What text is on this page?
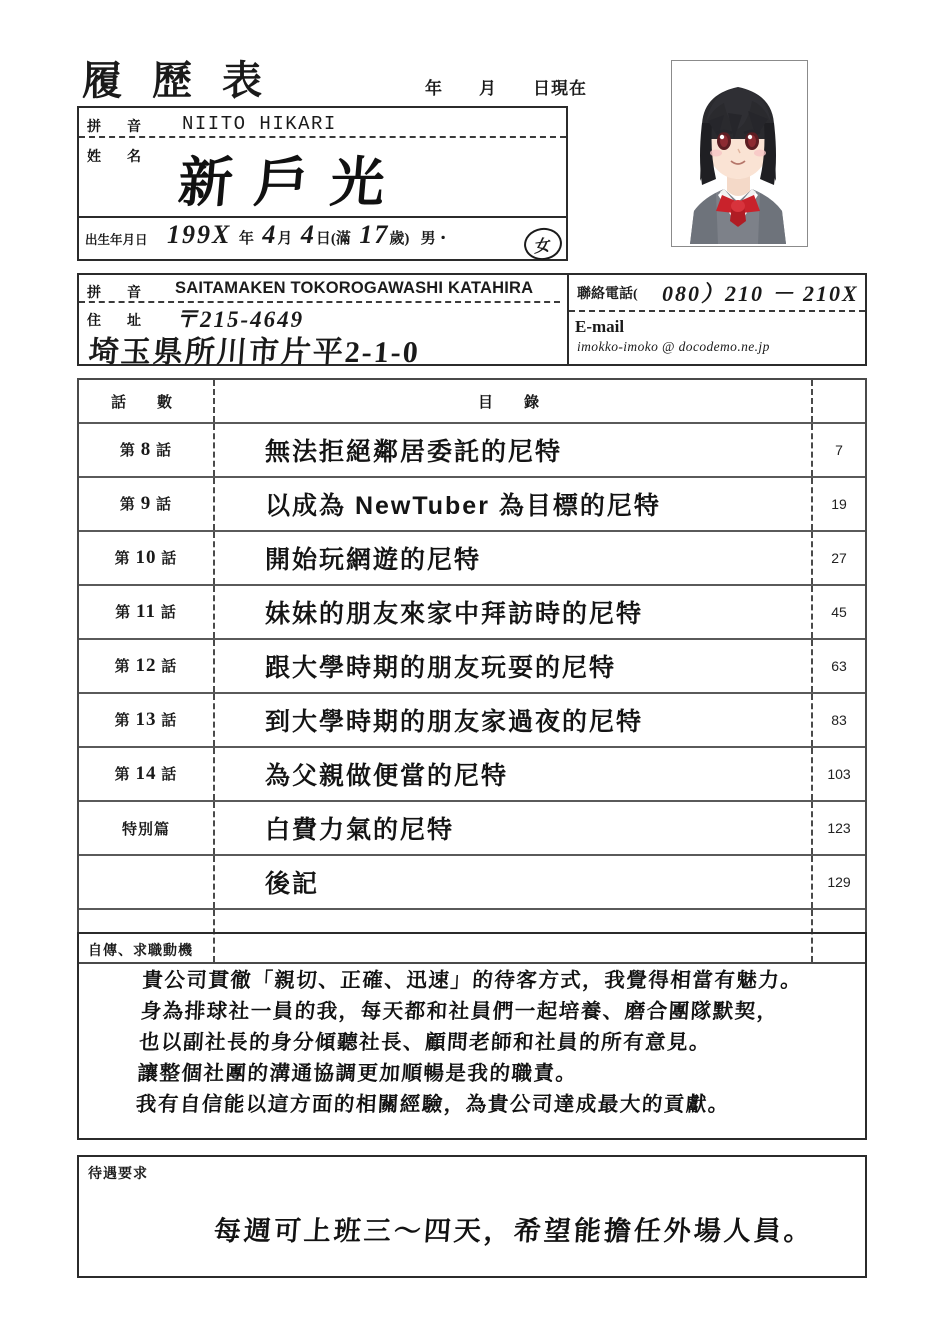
履 歷 表	年　　月　　日現在
拼　音 NIITO HIKARI
姓　名 新戶光
出生年月日 199X 年 4月 4日(滿 17歲) 男・	女
拼　音 SAITAMAKEN TOKOROGAWASHI KATAHIRA
住　址 〒215-4649
埼玉県所川市片平2-1-0
聯絡電話( 080）210 － 210X
E-mail
imokko-imoko @ docodemo.ne.jp
話　數	目　錄	
第 8 話	無法拒絕鄰居委託的尼特	7
第 9 話	以成為 NewTuber 為目標的尼特	19
第 10 話	開始玩網遊的尼特	27
第 11 話	妹妹的朋友來家中拜訪時的尼特	45
第 12 話	跟大學時期的朋友玩耍的尼特	63
第 13 話	到大學時期的朋友家過夜的尼特	83
第 14 話	為父親做便當的尼特	103
特別篇	白費力氣的尼特	123
	後記	129

自傳、求職動機
貴公司貫徹「親切、正確、迅速」的待客方式，我覺得相當有魅力。
身為排球社一員的我，每天都和社員們一起培養、磨合團隊默契，
也以副社長的身分傾聽社長、顧問老師和社員的所有意見。
讓整個社團的溝通協調更加順暢是我的職責。
我有自信能以這方面的相關經驗，為貴公司達成最大的貢獻。
待遇要求
每週可上班三～四天，希望能擔任外場人員。
